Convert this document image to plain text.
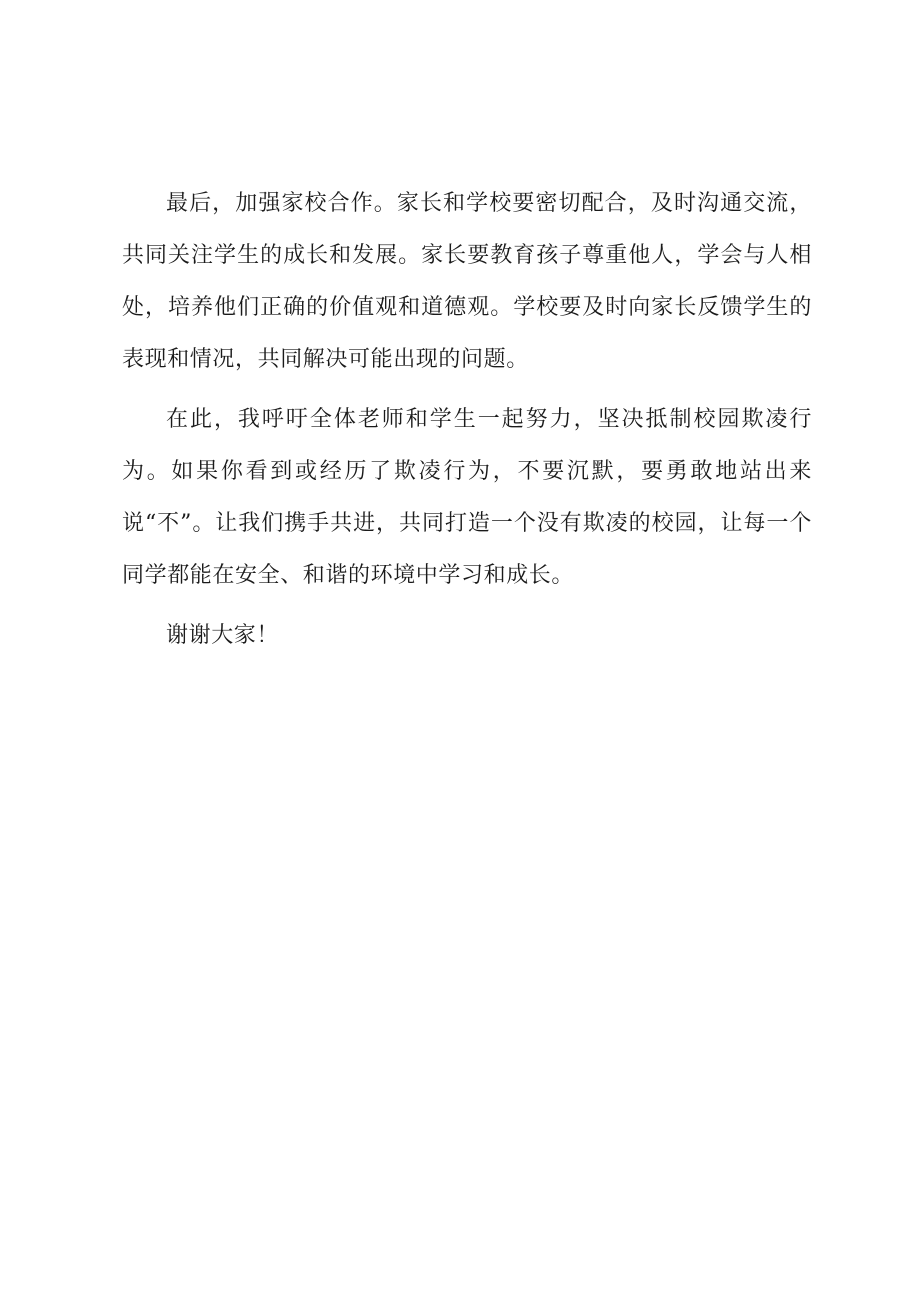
最后，加强家校合作。家长和学校要密切配合，及时沟通交流，共同关注学生的成长和发展。家长要教育孩子尊重他人，学会与人相处，培养他们正确的价值观和道德观。学校要及时向家长反馈学生的表现和情况，共同解决可能出现的问题。

在此，我呼吁全体老师和学生一起努力，坚决抵制校园欺凌行为。如果你看到或经历了欺凌行为，不要沉默，要勇敢地站出来说“不”。让我们携手共进，共同打造一个没有欺凌的校园，让每一个同学都能在安全、和谐的环境中学习和成长。

谢谢大家！
